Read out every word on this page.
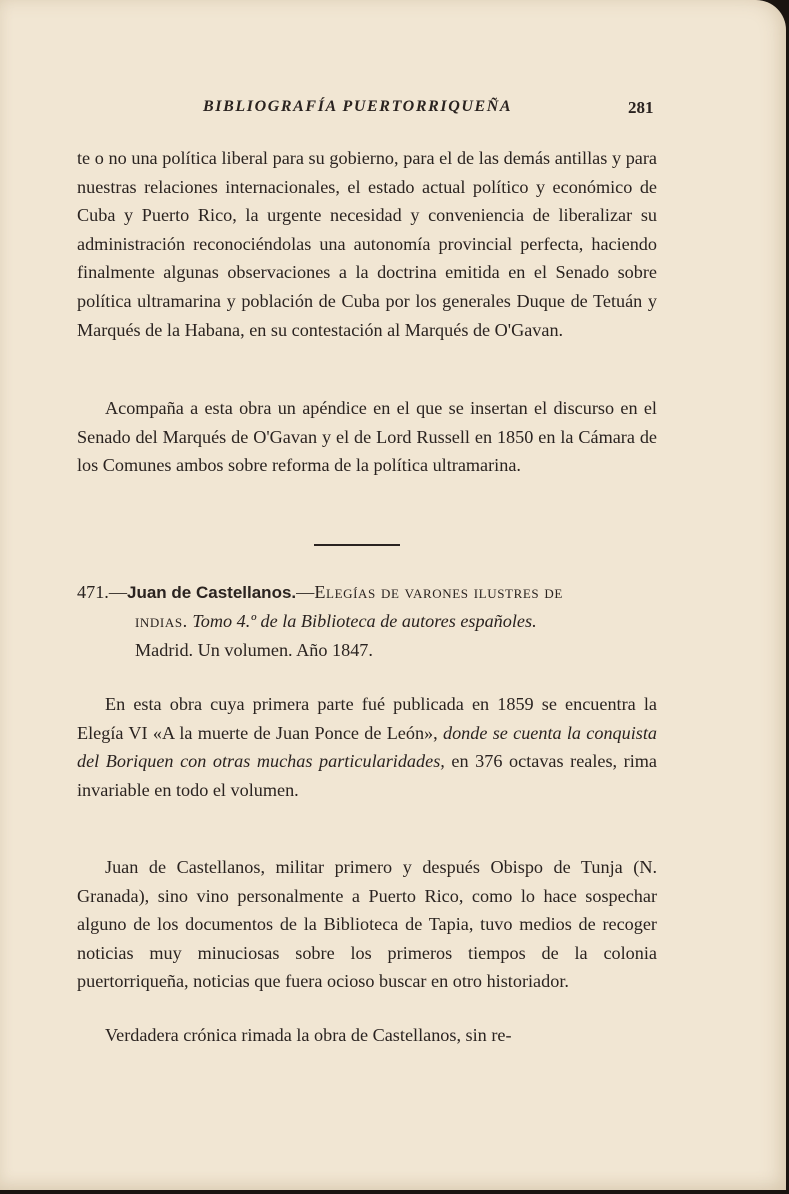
BIBLIOGRAFÍA PUERTORRIQUEÑA	281

te o no una política liberal para su gobierno, para el de las demás antillas y para nuestras relaciones internacionales, el estado actual político y económico de Cuba y Puerto Rico, la urgente necesidad y conveniencia de liberalizar su administración reconociéndolas una autonomía provincial perfecta, haciendo finalmente algunas observaciones a la doctrina emitida en el Senado sobre política ultramarina y población de Cuba por los generales Duque de Tetuán y Marqués de la Habana, en su contestación al Marqués de O'Gavan.

Acompaña a esta obra un apéndice en el que se insertan el discurso en el Senado del Marqués de O'Gavan y el de Lord Russell en 1850 en la Cámara de los Comunes ambos sobre reforma de la política ultramarina.

471.—Juan de Castellanos.—Elegías de varones ilustres de
indias. Tomo 4.º de la Biblioteca de autores españoles.
Madrid. Un volumen. Año 1847.

En esta obra cuya primera parte fué publicada en 1859 se encuentra la Elegía VI «A la muerte de Juan Ponce de León», donde se cuenta la conquista del Boriquen con otras muchas particularidades, en 376 octavas reales, rima invariable en todo el volumen.

Juan de Castellanos, militar primero y después Obispo de Tunja (N. Granada), sino vino personalmente a Puerto Rico, como lo hace sospechar alguno de los documentos de la Biblioteca de Tapia, tuvo medios de recoger noticias muy minuciosas sobre los primeros tiempos de la colonia puertorriqueña, noticias que fuera ocioso buscar en otro historiador.

Verdadera crónica rimada la obra de Castellanos, sin re-
